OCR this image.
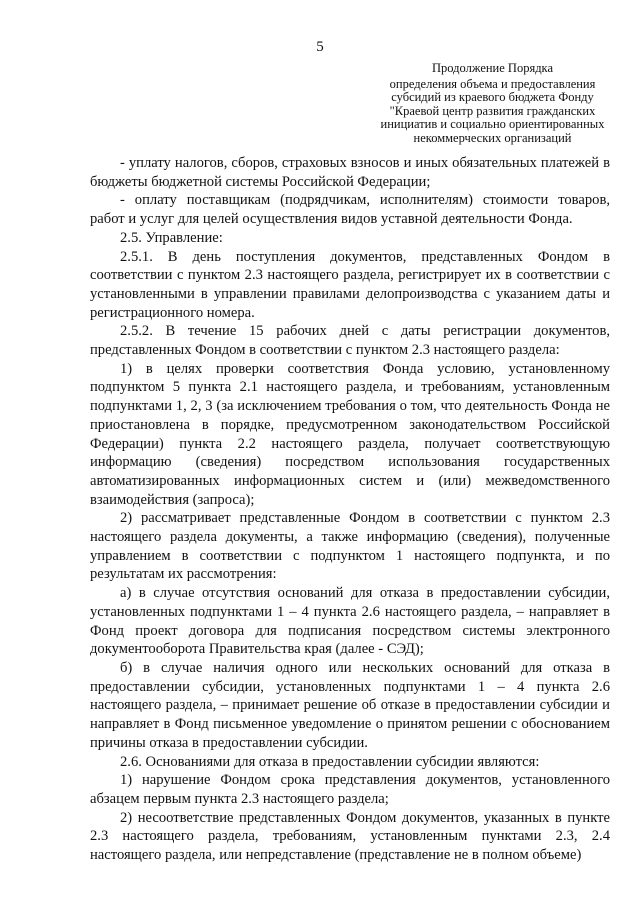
5
Продолжение Порядка
определения объема и предоставления
субсидий из краевого бюджета Фонду
"Краевой центр развития гражданских
инициатив и социально ориентированных
некоммерческих организаций

- уплату налогов, сборов, страховых взносов и иных обязательных платежей в бюджеты бюджетной системы Российской Федерации;

- оплату поставщикам (подрядчикам, исполнителям) стоимости товаров, работ и услуг для целей осуществления видов уставной деятельности Фонда.

2.5. Управление:

2.5.1. В день поступления документов, представленных Фондом в соответствии с пунктом 2.3 настоящего раздела, регистрирует их в соответствии с установленными в управлении правилами делопроизводства с указанием даты и регистрационного номера.

2.5.2. В течение 15 рабочих дней с даты регистрации документов, представленных Фондом в соответствии с пунктом 2.3 настоящего раздела:

1) в целях проверки соответствия Фонда условию, установленному подпунктом 5 пункта 2.1 настоящего раздела, и требованиям, установленным подпунктами 1, 2, 3 (за исключением требования о том, что деятельность Фонда не приостановлена в порядке, предусмотренном законодательством Российской Федерации) пункта 2.2 настоящего раздела, получает соответствующую информацию (сведения) посредством использования государственных автоматизированных информационных систем и (или) межведомственного взаимодействия (запроса);

2) рассматривает представленные Фондом в соответствии с пунктом 2.3 настоящего раздела документы, а также информацию (сведения), полученные управлением в соответствии с подпунктом 1 настоящего подпункта, и по результатам их рассмотрения:

а) в случае отсутствия оснований для отказа в предоставлении субсидии, установленных подпунктами 1 – 4 пункта 2.6 настоящего раздела, – направляет в Фонд проект договора для подписания посредством системы электронного документооборота Правительства края (далее - СЭД);

б) в случае наличия одного или нескольких оснований для отказа в предоставлении субсидии, установленных подпунктами 1 – 4 пункта 2.6 настоящего раздела, – принимает решение об отказе в предоставлении субсидии и направляет в Фонд письменное уведомление о принятом решении с обоснованием причины отказа в предоставлении субсидии.

2.6. Основаниями для отказа в предоставлении субсидии являются:

1) нарушение Фондом срока представления документов, установленного абзацем первым пункта 2.3 настоящего раздела;

2) несоответствие представленных Фондом документов, указанных в пункте 2.3 настоящего раздела, требованиям, установленным пунктами 2.3, 2.4 настоящего раздела, или непредставление (представление не в полном объеме)
